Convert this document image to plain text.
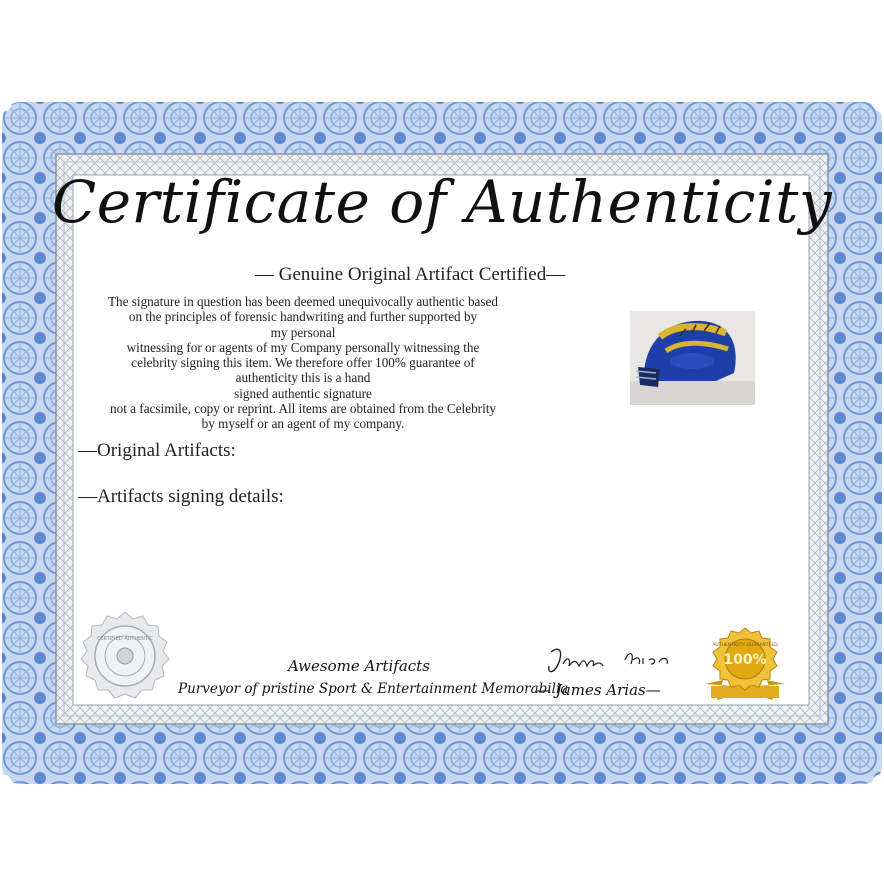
Certificate of Authenticity
— Genuine Original Artifact Certified—
The signature in question has been deemed unequivocally authentic based
on the principles of forensic handwriting and further supported by
my personal
witnessing for or agents of my Company personally witnessing the
celebrity signing this item. We therefore offer 100% guarantee of
authenticity this is a hand
signed authentic signature
not a facsimile, copy or reprint. All items are obtained from the Celebrity
by myself or an agent of my company.
—Original Artifacts:
—Artifacts signing details:
CERTIFIED AUTHENTIC
Awesome Artifacts
Purveyor of pristine Sport & Entertainment Memorabilia
— James Arias—
100%
AUTHENTICITY GUARANTEED
